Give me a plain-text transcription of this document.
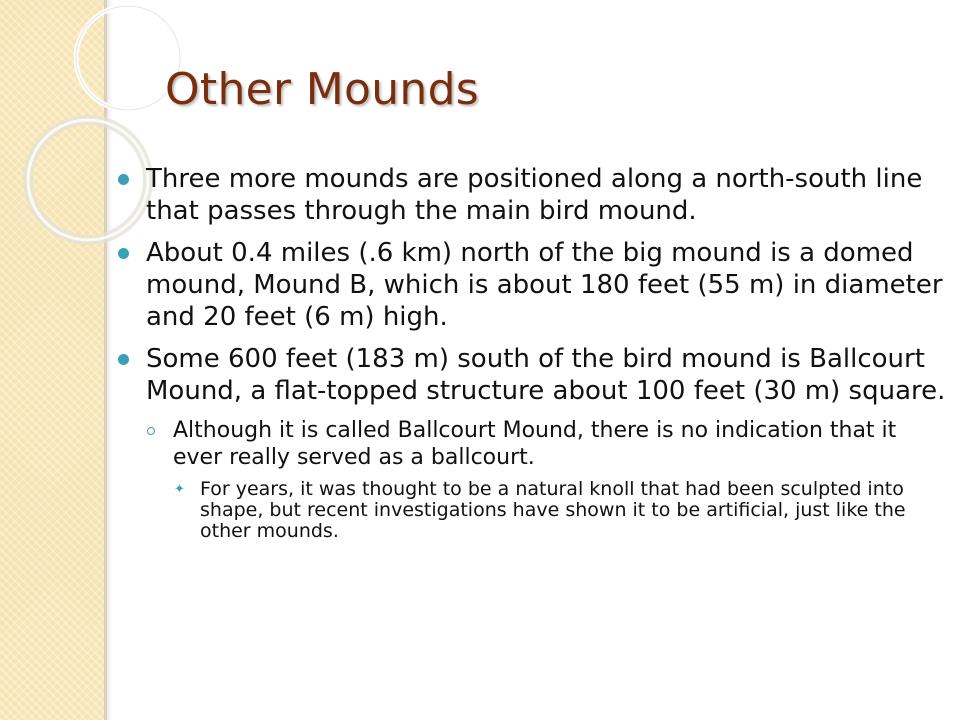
Other Mounds
Three more mounds are positioned along a north-south line that passes through the main bird mound.
About 0.4 miles (.6 km) north of the big mound is a domed mound, Mound B, which is about 180 feet (55 m) in diameter and 20 feet (6 m) high.
Some 600 feet (183 m) south of the bird mound is Ballcourt Mound, a flat-topped structure about 100 feet (30 m) square.
Although it is called Ballcourt Mound, there is no indication that it ever really served as a ballcourt.
✦ For years, it was thought to be a natural knoll that had been sculpted into shape, but recent investigations have shown it to be artificial, just like the other mounds.
